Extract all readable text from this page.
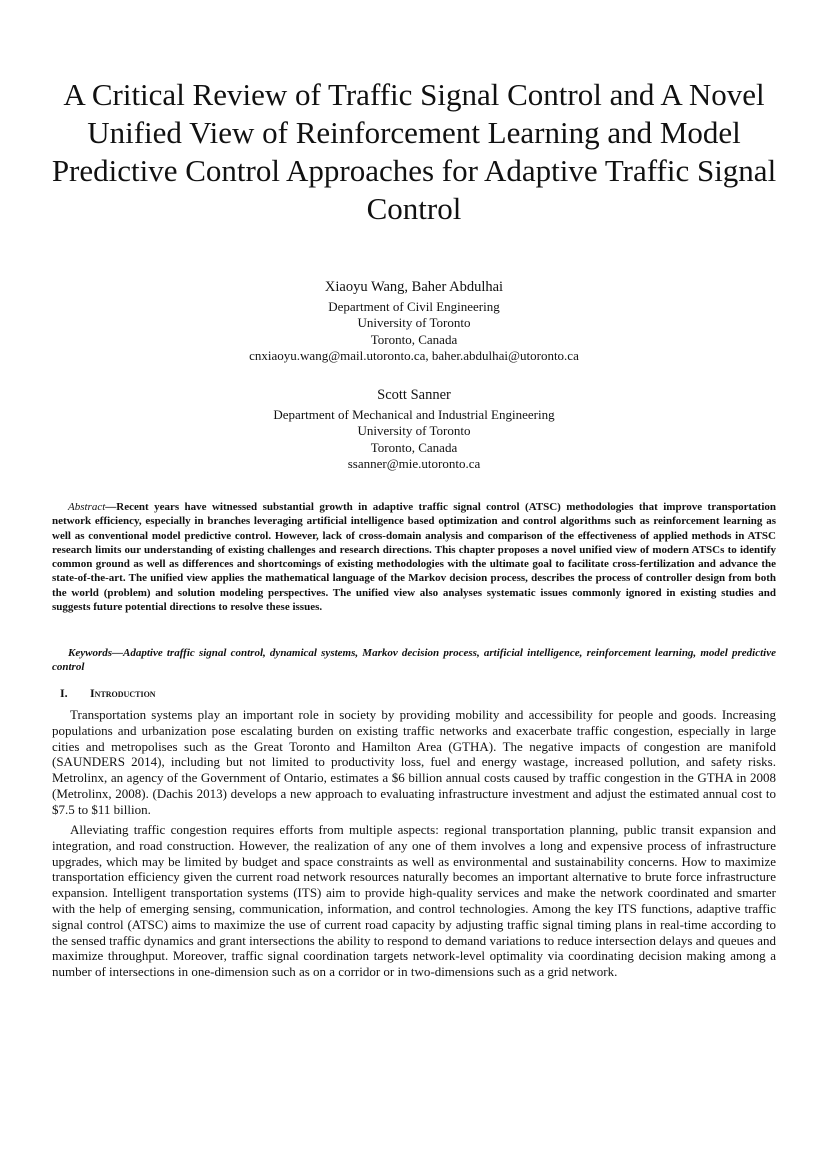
A Critical Review of Traffic Signal Control and A Novel Unified View of Reinforcement Learning and Model Predictive Control Approaches for Adaptive Traffic Signal Control
Xiaoyu Wang, Baher Abdulhai
Department of Civil Engineering
University of Toronto
Toronto, Canada
cnxiaoyu.wang@mail.utoronto.ca, baher.abdulhai@utoronto.ca
Scott Sanner
Department of Mechanical and Industrial Engineering
University of Toronto
Toronto, Canada
ssanner@mie.utoronto.ca

Abstract—Recent years have witnessed substantial growth in adaptive traffic signal control (ATSC) methodologies that improve transportation network efficiency, especially in branches leveraging artificial intelligence based optimization and control algorithms such as reinforcement learning as well as conventional model predictive control. However, lack of cross-domain analysis and comparison of the effectiveness of applied methods in ATSC research limits our understanding of existing challenges and research directions. This chapter proposes a novel unified view of modern ATSCs to identify common ground as well as differences and shortcomings of existing methodologies with the ultimate goal to facilitate cross-fertilization and advance the state-of-the-art. The unified view applies the mathematical language of the Markov decision process, describes the process of controller design from both the world (problem) and solution modeling perspectives. The unified view also analyses systematic issues commonly ignored in existing studies and suggests future potential directions to resolve these issues.

Keywords—Adaptive traffic signal control, dynamical systems, Markov decision process, artificial intelligence, reinforcement learning, model predictive control

I. Introduction

Transportation systems play an important role in society by providing mobility and accessibility for people and goods. Increasing populations and urbanization pose escalating burden on existing traffic networks and exacerbate traffic congestion, especially in large cities and metropolises such as the Great Toronto and Hamilton Area (GTHA). The negative impacts of congestion are manifold (SAUNDERS 2014), including but not limited to productivity loss, fuel and energy wastage, increased pollution, and safety risks. Metrolinx, an agency of the Government of Ontario, estimates a $6 billion annual costs caused by traffic congestion in the GTHA in 2008 (Metrolinx, 2008). (Dachis 2013) develops a new approach to evaluating infrastructure investment and adjust the estimated annual cost to $7.5 to $11 billion.

Alleviating traffic congestion requires efforts from multiple aspects: regional transportation planning, public transit expansion and integration, and road construction. However, the realization of any one of them involves a long and expensive process of infrastructure upgrades, which may be limited by budget and space constraints as well as environmental and sustainability concerns. How to maximize transportation efficiency given the current road network resources naturally becomes an important alternative to brute force infrastructure expansion. Intelligent transportation systems (ITS) aim to provide high-quality services and make the network coordinated and smarter with the help of emerging sensing, communication, information, and control technologies. Among the key ITS functions, adaptive traffic signal control (ATSC) aims to maximize the use of current road capacity by adjusting traffic signal timing plans in real-time according to the sensed traffic dynamics and grant intersections the ability to respond to demand variations to reduce intersection delays and queues and maximize throughput. Moreover, traffic signal coordination targets network-level optimality via coordinating decision making among a number of intersections in one-dimension such as on a corridor or in two-dimensions such as a grid network.
